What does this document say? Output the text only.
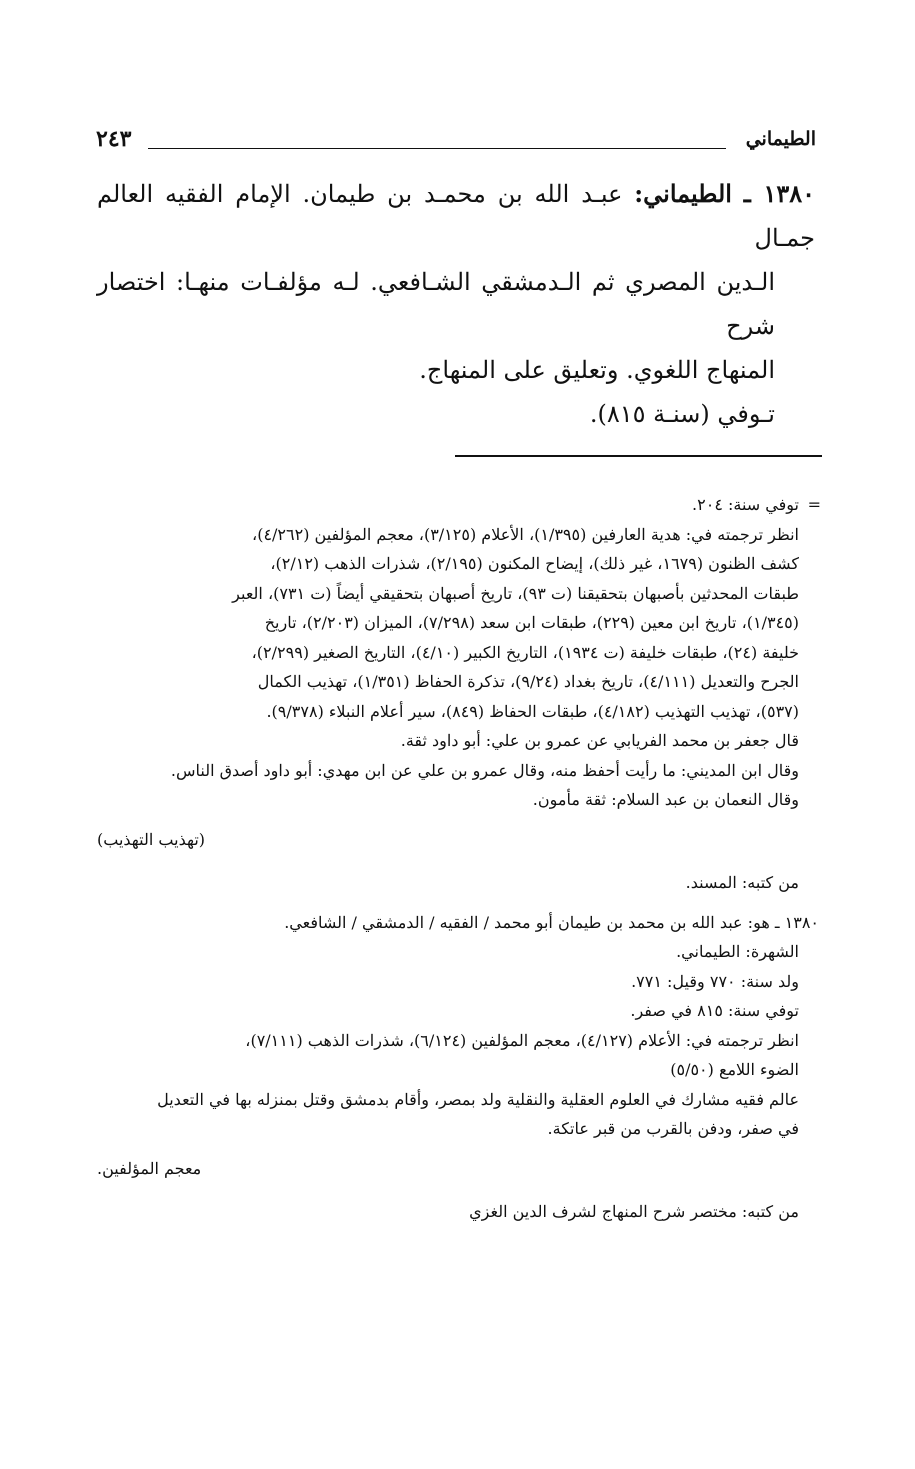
الطيماني
٢٤٣

١٣٨٠ ـ الطيماني: عبـد الله بن محمـد بن طيمان. الإمام الفقيه العالم جمـال

الـدين المصري ثم الـدمشقي الشـافعي. لـه مؤلفـات منهـا: اختصار شرح

المنهاج اللغوي. وتعليق على المنهاج.

تـوفي (سنـة ٨١٥).

=
توفي سنة: ٢٠٤.

انظر ترجمته في: هدية العارفين (١/٣٩٥)، الأعلام (٣/١٢٥)، معجم المؤلفين (٤/٢٦٢)،

كشف الظنون (١٦٧٩، غير ذلك)، إيضاح المكنون (٢/١٩٥)، شذرات الذهب (٢/١٢)،

طبقات المحدثين بأصبهان بتحقيقنا (ت ٩٣)، تاريخ أصبهان بتحقيقي أيضاً (ت ٧٣١)، العبر

(١/٣٤٥)، تاريخ ابن معين (٢٢٩)، طبقات ابن سعد (٧/٢٩٨)، الميزان (٢/٢٠٣)، تاريخ

خليفة (٢٤)، طبقات خليفة (ت ١٩٣٤)، التاريخ الكبير (٤/١٠)، التاريخ الصغير (٢/٢٩٩)،

الجرح والتعديل (٤/١١١)، تاريخ بغداد (٩/٢٤)، تذكرة الحفاظ (١/٣٥١)، تهذيب الكمال

(٥٣٧)، تهذيب التهذيب (٤/١٨٢)، طبقات الحفاظ (٨٤٩)، سير أعلام النبلاء (٩/٣٧٨).

قال جعفر بن محمد الفريابي عن عمرو بن علي: أبو داود ثقة.

وقال ابن المديني: ما رأيت أحفظ منه، وقال عمرو بن علي عن ابن مهدي: أبو داود أصدق الناس.

وقال النعمان بن عبد السلام: ثقة مأمون.

(تهذيب التهذيب)

من كتبه: المسند.

١٣٨٠ ـ هو: عبد الله بن محمد بن طيمان أبو محمد / الفقيه / الدمشقي / الشافعي.

الشهرة: الطيماني.

ولد سنة: ٧٧٠ وقيل: ٧٧١.

توفي سنة: ٨١٥ في صفر.

انظر ترجمته في: الأعلام (٤/١٢٧)، معجم المؤلفين (٦/١٢٤)، شذرات الذهب (٧/١١١)،

الضوء اللامع (٥/٥٠)

عالم فقيه مشارك في العلوم العقلية والنقلية ولد بمصر، وأقام بدمشق وقتل بمنزله بها في التعديل

في صفر، ودفن بالقرب من قبر عاتكة.

معجم المؤلفين.

من كتبه: مختصر شرح المنهاج لشرف الدين الغزي
